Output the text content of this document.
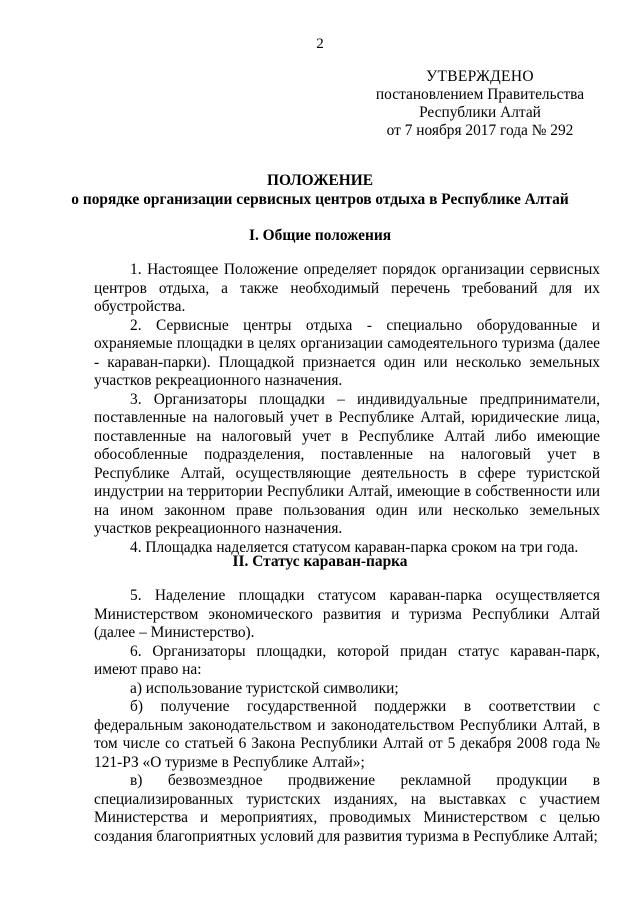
2
УТВЕРЖДЕНО
постановлением Правительства
Республики Алтай
от 7 ноября 2017 года № 292
ПОЛОЖЕНИЕ
о порядке организации сервисных центров отдыха в Республике Алтай
I. Общие положения

1. Настоящее Положение определяет порядок организации сервисных центров отдыха, а также необходимый перечень требований для их обустройства.

2. Сервисные центры отдыха - специально оборудованные и охраняемые площадки в целях организации самодеятельного туризма (далее - караван-парки). Площадкой признается один или несколько земельных участков рекреационного назначения.

3. Организаторы площадки – индивидуальные предприниматели, поставленные на налоговый учет в Республике Алтай, юридические лица, поставленные на налоговый учет в Республике Алтай либо имеющие обособленные подразделения, поставленные на налоговый учет в Республике Алтай, осуществляющие деятельность в сфере туристской индустрии на территории Республики Алтай, имеющие в собственности или на ином законном праве пользования один или несколько земельных участков рекреационного назначения.

4. Площадка наделяется статусом караван-парка сроком на три года.

II. Статус караван-парка

5. Наделение площадки статусом караван-парка осуществляется Министерством экономического развития и туризма Республики Алтай (далее – Министерство).

6. Организаторы площадки, которой придан статус караван-парк, имеют право на:

а) использование туристской символики;

б) получение государственной поддержки в соответствии с федеральным законодательством и законодательством Республики Алтай, в том числе со статьей 6 Закона Республики Алтай от 5 декабря 2008 года № 121-РЗ «О туризме в Республике Алтай»;

в) безвозмездное продвижение рекламной продукции в специализированных туристских изданиях, на выставках с участием Министерства и мероприятиях, проводимых Министерством с целью создания благоприятных условий для развития туризма в Республике Алтай;
